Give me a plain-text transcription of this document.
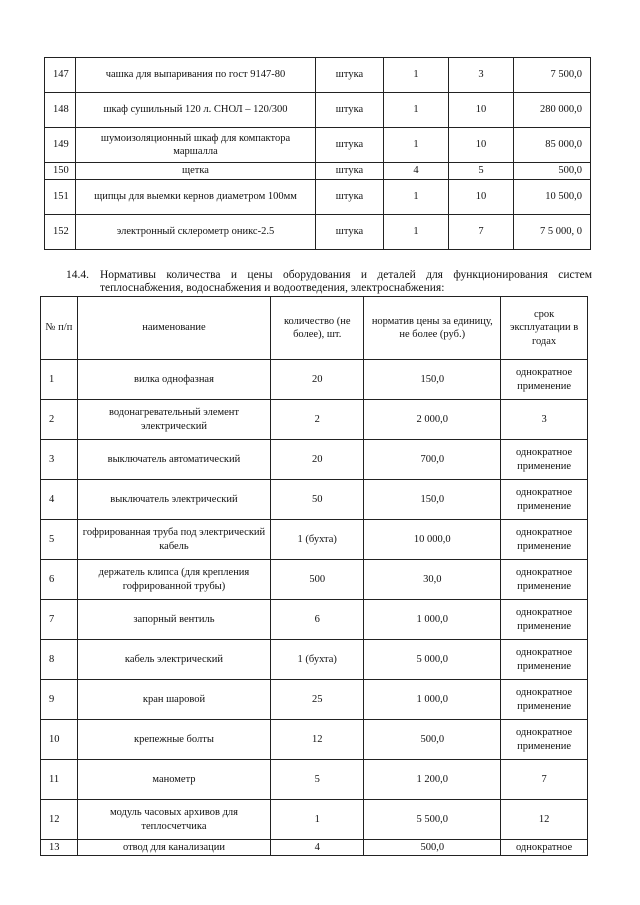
147	чашка для выпаривания по гост 9147-80	штука	1	3	7 500,0
148	шкаф сушильный 120 л. СНОЛ – 120/300	штука	1	10	280 000,0
149	шумоизоляционный шкаф для компактора маршалла	штука	1	10	85 000,0
150	щетка	штука	4	5	500,0
151	щипцы для выемки кернов диаметром 100мм	штука	1	10	10 500,0
152	электронный склерометр оникс-2.5	штука	1	7	7 5 000, 0
14.4. Нормативы количества и цены оборудования и деталей для функционирования систем теплоснабжения, водоснабжения и водоотведения, электроснабжения:
№ п/п	наименование	количество (не более), шт.	норматив цены за единицу, не более (руб.)	срок эксплуатации в годах
1	вилка однофазная	20	150,0	однократное применение
2	водонагревательный элемент электрический	2	2 000,0	3
3	выключатель автоматический	20	700,0	однократное применение
4	выключатель электрический	50	150,0	однократное применение
5	гофрированная труба под электрический кабель	1 (бухта)	10 000,0	однократное применение
6	держатель клипса (для крепления гофрированной трубы)	500	30,0	однократное применение
7	запорный вентиль	6	1 000,0	однократное применение
8	кабель электрический	1 (бухта)	5 000,0	однократное применение
9	кран шаровой	25	1 000,0	однократное применение
10	крепежные болты	12	500,0	однократное применение
11	манометр	5	1 200,0	7
12	модуль часовых архивов для теплосчетчика	1	5 500,0	12
13	отвод для канализации	4	500,0	однократное
